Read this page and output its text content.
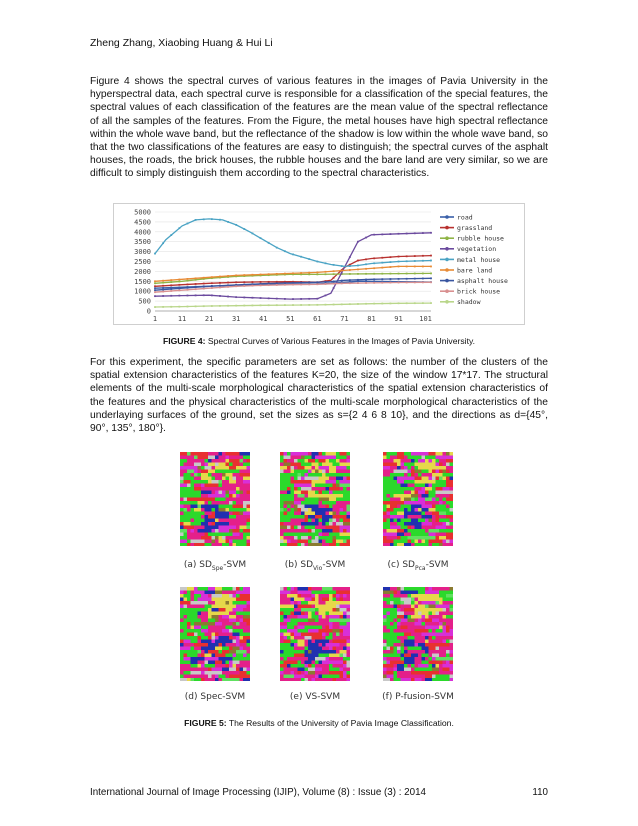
Zheng Zhang, Xiaobing Huang & Hui Li

Figure 4 shows the spectral curves of various features in the images of Pavia University in the hyperspectral data, each spectral curve is responsible for a classification of the special features, the spectral values of each classification of the features are the mean value of the spectral reflectance of all the samples of the features. From the Figure, the metal houses have high spectral reflectance within the whole wave band, but the reflectance of the shadow is low within the whole wave band, so that the two classifications of the features are easy to distinguish; the spectral curves of the asphalt houses, the roads, the brick houses, the rubble houses and the bare land are very similar, so we are difficult to simply distinguish them according to the spectral characteristics.

0
500
1000
1500
2000
2500
3000
3500
4000
4500
5000
1	11	21	31	41	51	61	71	81	91 101
road
grassland
rubble house
vegetation
metal house
bare land
asphalt house
brick house
shadow
FIGURE 4: Spectral Curves of Various Features in the Images of Pavia University.

For this experiment, the specific parameters are set as follows: the number of the clusters of the spatial extension characteristics of the features K=20, the size of the window 17*17. The structural elements of the multi-scale morphological characteristics of the spatial extension characteristics of the features and the physical characteristics of the multi-scale morphological characteristics of the underlaying surfaces of the ground, set the sizes as s={2 4 6 8 10}, and the directions as d={45°, 90°, 135°, 180°}.

(a) $SD_{Spe}$-SVM	(b) $SD_{Vio}$-SVM	(c) $SD_{Pca}$-SVM
(d) Spec-SVM	(e) VS-SVM	(f) P-fusion-SVM
FIGURE 5: The Results of the University of Pavia Image Classification.
International Journal of Image Processing (IJIP), Volume (8) : Issue (3) : 2014	110
